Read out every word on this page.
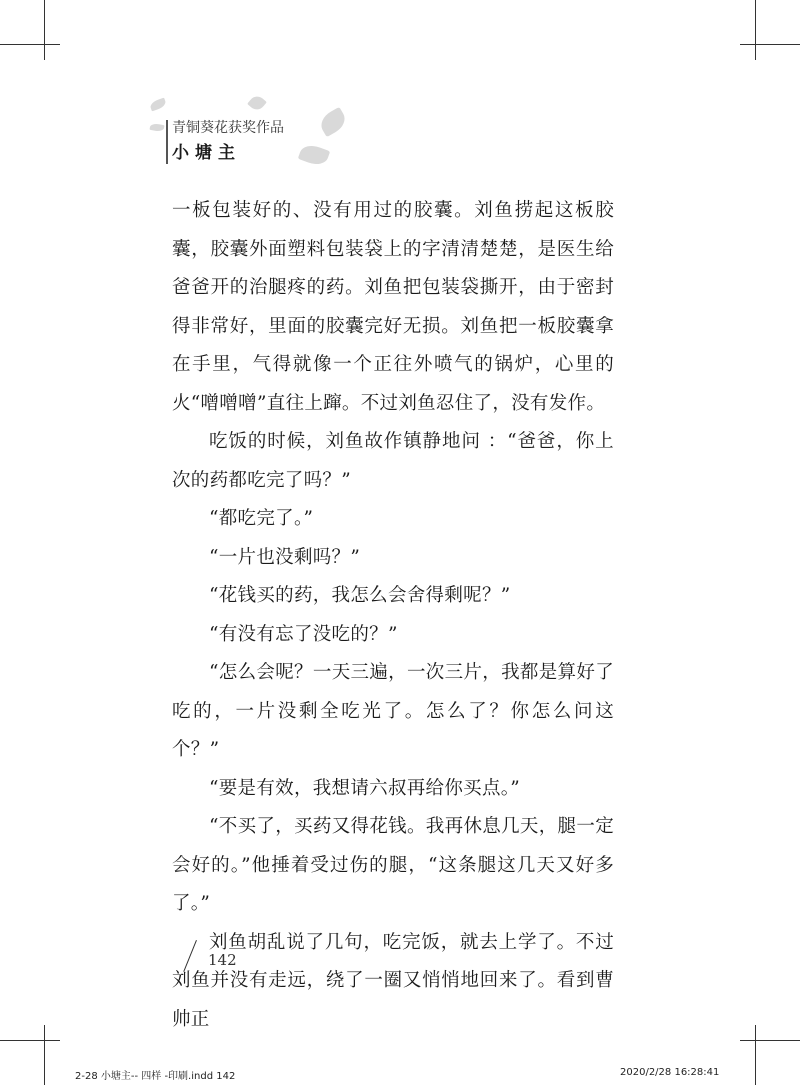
青铜葵花获奖作品
小塘主

一板包装好的、没有用过的胶囊。刘鱼捞起这板胶囊，胶囊外面塑料包装袋上的字清清楚楚，是医生给爸爸开的治腿疼的药。刘鱼把包装袋撕开，由于密封得非常好，里面的胶囊完好无损。刘鱼把一板胶囊拿在手里，气得就像一个正往外喷气的锅炉，心里的火“噌噌噌”直往上蹿。不过刘鱼忍住了，没有发作。

吃饭的时候，刘鱼故作镇静地问 ：“爸爸，你上次的药都吃完了吗？”

“都吃完了。”

“一片也没剩吗？”

“花钱买的药，我怎么会舍得剩呢？”

“有没有忘了没吃的？”

“怎么会呢？一天三遍，一次三片，我都是算好了吃的，一片没剩全吃光了。怎么了？你怎么问这个？”

“要是有效，我想请六叔再给你买点。”

“不买了，买药又得花钱。我再休息几天，腿一定会好的。”他捶着受过伤的腿，“这条腿这几天又好多了。”

刘鱼胡乱说了几句，吃完饭，就去上学了。不过刘鱼并没有走远，绕了一圈又悄悄地回来了。看到曹帅正

142
2-28 小塘主-- 四样 -印刷.indd 142	2020/2/28 16:28:41
